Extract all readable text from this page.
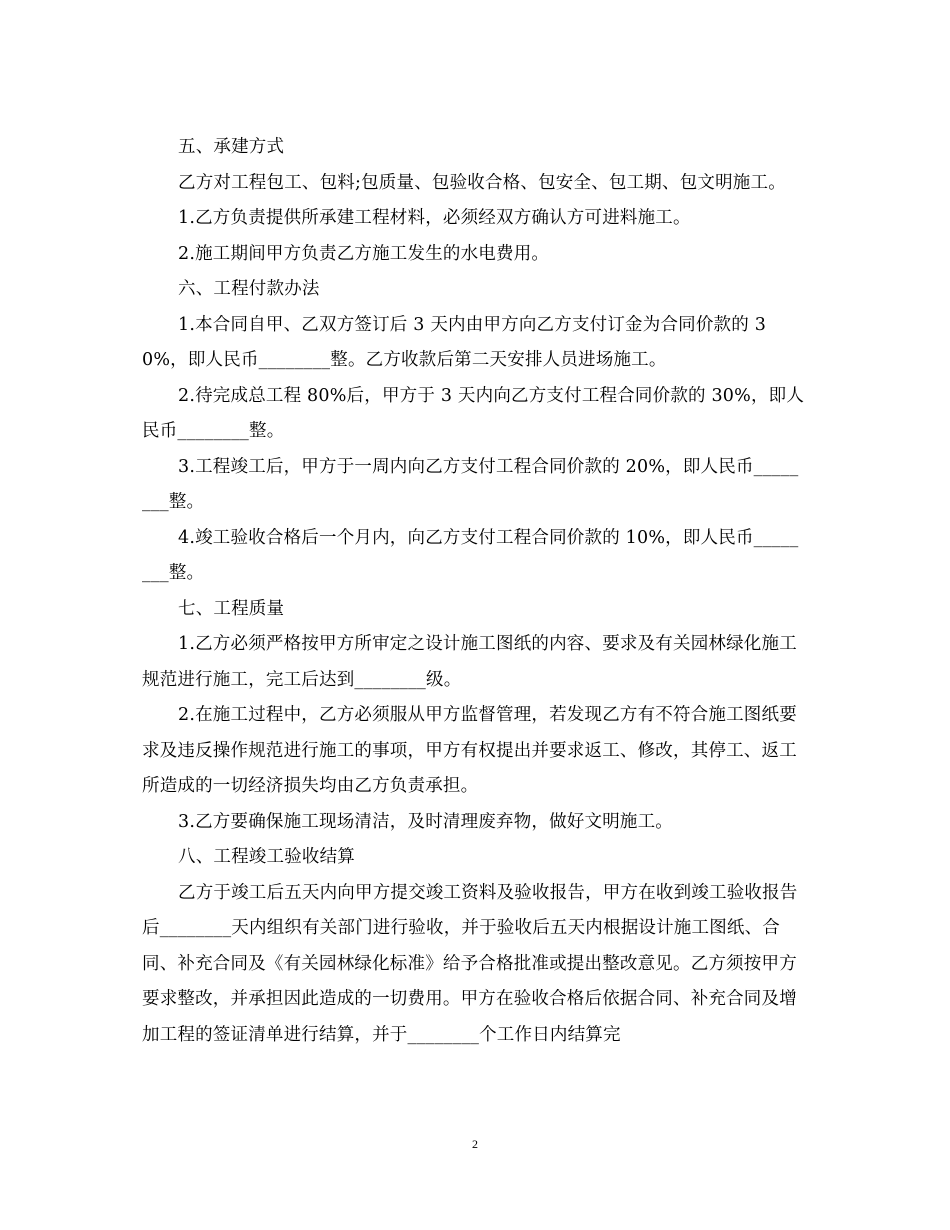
五、承建方式

乙方对工程包工、包料;包质量、包验收合格、包安全、包工期、包文明施工。

1.乙方负责提供所承建工程材料，必须经双方确认方可进料施工。

2.施工期间甲方负责乙方施工发生的水电费用。

六、工程付款办法

1.本合同自甲、乙双方签订后 3 天内由甲方向乙方支付订金为合同价款的 30%，即人民币________整。乙方收款后第二天安排人员进场施工。

2.待完成总工程 80%后，甲方于 3 天内向乙方支付工程合同价款的 30%，即人民币________整。

3.工程竣工后，甲方于一周内向乙方支付工程合同价款的 20%，即人民币________整。

4.竣工验收合格后一个月内，向乙方支付工程合同价款的 10%，即人民币________整。

七、工程质量

1.乙方必须严格按甲方所审定之设计施工图纸的内容、要求及有关园林绿化施工规范进行施工，完工后达到________级。

2.在施工过程中，乙方必须服从甲方监督管理，若发现乙方有不符合施工图纸要求及违反操作规范进行施工的事项，甲方有权提出并要求返工、修改，其停工、返工所造成的一切经济损失均由乙方负责承担。

3.乙方要确保施工现场清洁，及时清理废弃物，做好文明施工。

八、工程竣工验收结算

乙方于竣工后五天内向甲方提交竣工资料及验收报告，甲方在收到竣工验收报告后________天内组织有关部门进行验收，并于验收后五天内根据设计施工图纸、合同、补充合同及《有关园林绿化标准》给予合格批准或提出整改意见。乙方须按甲方要求整改，并承担因此造成的一切费用。甲方在验收合格后依据合同、补充合同及增加工程的签证清单进行结算，并于________个工作日内结算完

2
